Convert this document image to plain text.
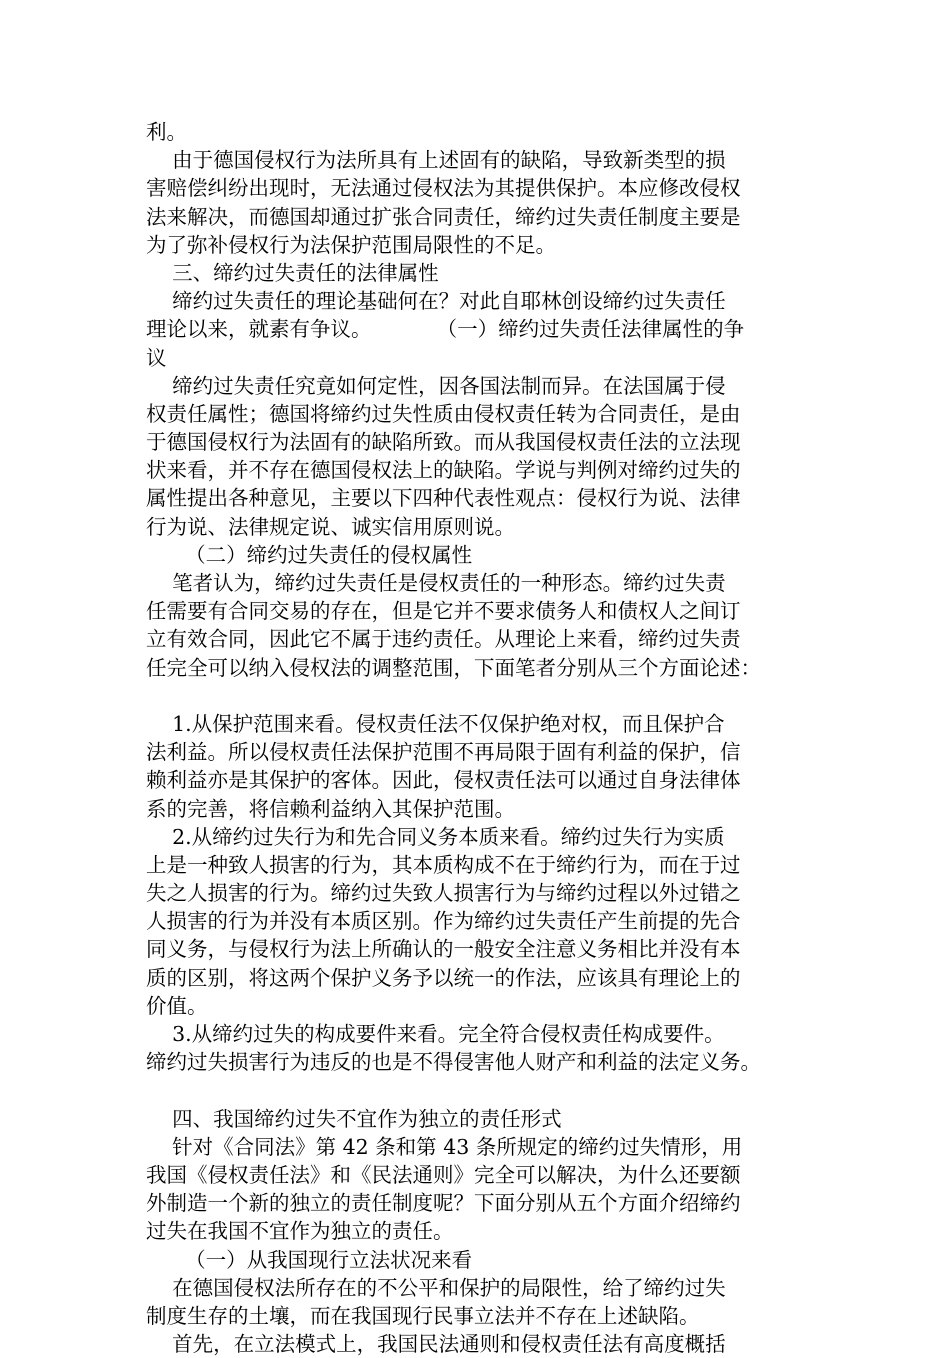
利。
由于德国侵权行为法所具有上述固有的缺陷，导致新类型的损
害赔偿纠纷出现时，无法通过侵权法为其提供保护。本应修改侵权
法来解决，而德国却通过扩张合同责任，缔约过失责任制度主要是
为了弥补侵权行为法保护范围局限性的不足。
三、缔约过失责任的法律属性
缔约过失责任的理论基础何在？对此自耶林创设缔约过失责任
理论以来，就素有争议。          （一）缔约过失责任法律属性的争
议
缔约过失责任究竟如何定性，因各国法制而异。在法国属于侵
权责任属性；德国将缔约过失性质由侵权责任转为合同责任，是由
于德国侵权行为法固有的缺陷所致。而从我国侵权责任法的立法现
状来看，并不存在德国侵权法上的缺陷。学说与判例对缔约过失的
属性提出各种意见，主要以下四种代表性观点：侵权行为说、法律
行为说、法律规定说、诚实信用原则说。
（二）缔约过失责任的侵权属性
笔者认为，缔约过失责任是侵权责任的一种形态。缔约过失责
任需要有合同交易的存在，但是它并不要求债务人和债权人之间订
立有效合同，因此它不属于违约责任。从理论上来看，缔约过失责
任完全可以纳入侵权法的调整范围，下面笔者分别从三个方面论述：
1.从保护范围来看。侵权责任法不仅保护绝对权，而且保护合
法利益。所以侵权责任法保护范围不再局限于固有利益的保护，信
赖利益亦是其保护的客体。因此，侵权责任法可以通过自身法律体
系的完善，将信赖利益纳入其保护范围。
2.从缔约过失行为和先合同义务本质来看。缔约过失行为实质
上是一种致人损害的行为，其本质构成不在于缔约行为，而在于过
失之人损害的行为。缔约过失致人损害行为与缔约过程以外过错之
人损害的行为并没有本质区别。作为缔约过失责任产生前提的先合
同义务，与侵权行为法上所确认的一般安全注意义务相比并没有本
质的区别，将这两个保护义务予以统一的作法，应该具有理论上的
价值。
3.从缔约过失的构成要件来看。完全符合侵权责任构成要件。
缔约过失损害行为违反的也是不得侵害他人财产和利益的法定义务。
四、我国缔约过失不宜作为独立的责任形式
针对《合同法》第 42 条和第 43 条所规定的缔约过失情形，用
我国《侵权责任法》和《民法通则》完全可以解决，为什么还要额
外制造一个新的独立的责任制度呢？下面分别从五个方面介绍缔约
过失在我国不宜作为独立的责任。
（一）从我国现行立法状况来看
在德国侵权法所存在的不公平和保护的局限性，给了缔约过失
制度生存的土壤，而在我国现行民事立法并不存在上述缺陷。
首先，在立法模式上，我国民法通则和侵权责任法有高度概括
